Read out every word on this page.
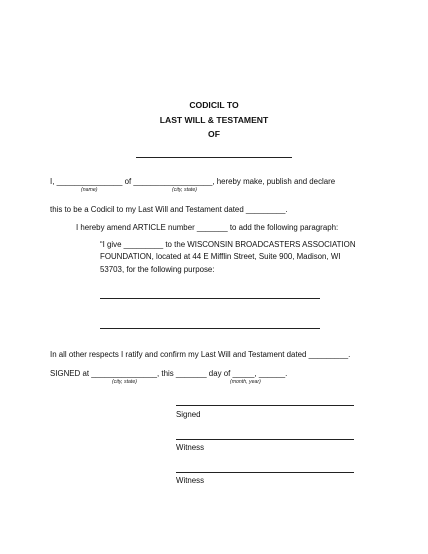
CODICIL TO
LAST WILL & TESTAMENT
OF
I, _______________ of __________________, hereby make, publish and declare
(name)	(city, state)
this to be a Codicil to my Last Will and Testament dated _________.
I hereby amend ARTICLE number _______ to add the following paragraph:
“I give _________ to the WISCONSIN BROADCASTERS ASSOCIATION FOUNDATION, located at 44 E Mifflin Street, Suite 900, Madison, WI 53703, for the following purpose:
In all other respects I ratify and confirm my Last Will and Testament dated _________.
SIGNED at _______________, this _______ day of _____, ______.
(city, state)	(month, year)
Signed
Witness
Witness
